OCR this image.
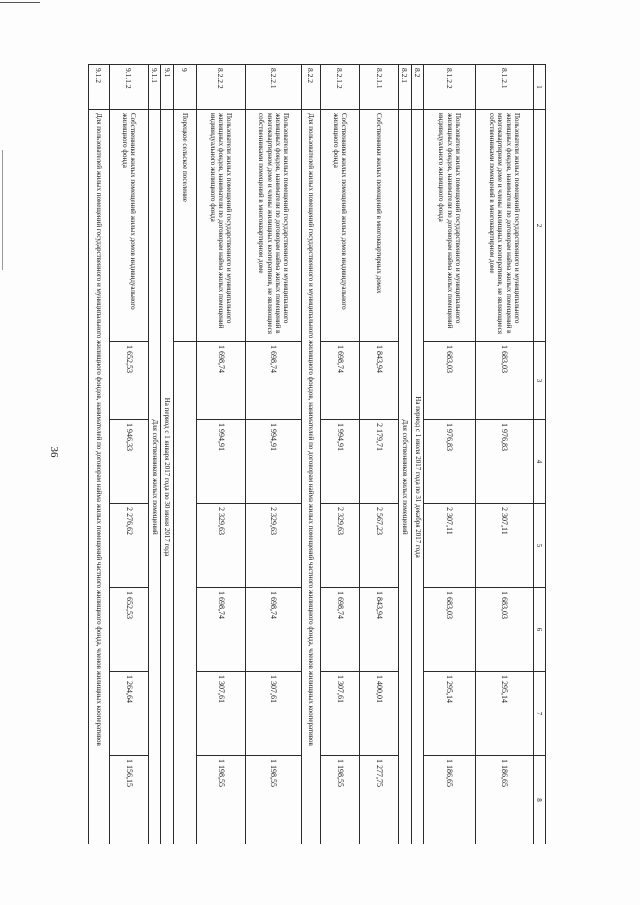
36
1	2	3	4	5	6	7	8
8.1.2.1	Пользователи жилых помещений государственного и муниципального жилищных фондов, наниматели по договорам найма жилых помещений в многоквартирном доме и члены жилищных кооперативов, не являющиеся собственниками помещений в многоквартирном доме	1 683,03	1 976,83	2 307,11	1 683,03	1 295,14	1 186,65
8.1.2.2	Пользователи жилых помещений государственного и муниципального жилищных фондов, наниматели по договорам найма жилых помещений индивидуального жилищного фонда	1 683,03	1 976,83	2 307,11	1 683,03	1 295,14	1 186,65
8.2	На период с 1 июля 2017 года по 31 декабря 2017 года						
8.2.1	Для собственников жилых помещений						
8.2.1.1	Собственники жилых помещений в многоквартирных домах	1 843,94	2 179,71	2 567,23	1 843,94	1 400,01	1 277,75
8.2.1.2	Собственники жилых помещений жилых домов индивидуального жилищного фонда	1 698,74	1 994,91	2 329,63	1 698,74	1 307,61	1 198,55
8.2.2	Для пользователей жилых помещений государственного и муниципального жилищного фондов, нанимателей по договорам найма жилых помещений частного жилищного фонда, членов жилищных кооперативов						
8.2.2.1	Пользователи жилых помещений государственного и муниципального жилищных фондов, наниматели по договорам найма жилых помещений в многоквартирном доме и члены жилищных кооперативов, не являющиеся собственниками помещений в многоквартирном доме	1 698,74	1 994,91	2 329,63	1 698,74	1 307,61	1 198,55
8.2.2.2	Пользователи жилых помещений государственного и муниципального жилищных фондов, наниматели по договорам найма жилых помещений индивидуального жилищного фонда	1 698,74	1 994,91	2 329,63	1 698,74	1 307,61	1 198,55
9	Порецкое сельское поселение						
9.1	На период с 1 января 2017 года по 30 июня 2017 года						
9.1.1	Для собственников жилых помещений						
9.1.1.2	Собственники жилых помещений жилых домов индивидуального жилищного фонда	1 652,53	1 946,33	2 276,62	1 652,53	1 264,64	1 156,15
9.1.2	Для пользователей жилых помещений государственного и муниципального жилищного фондов, нанимателей по договорам найма жилых помещений частного жилищного фонда, членов жилищных кооперативов						
